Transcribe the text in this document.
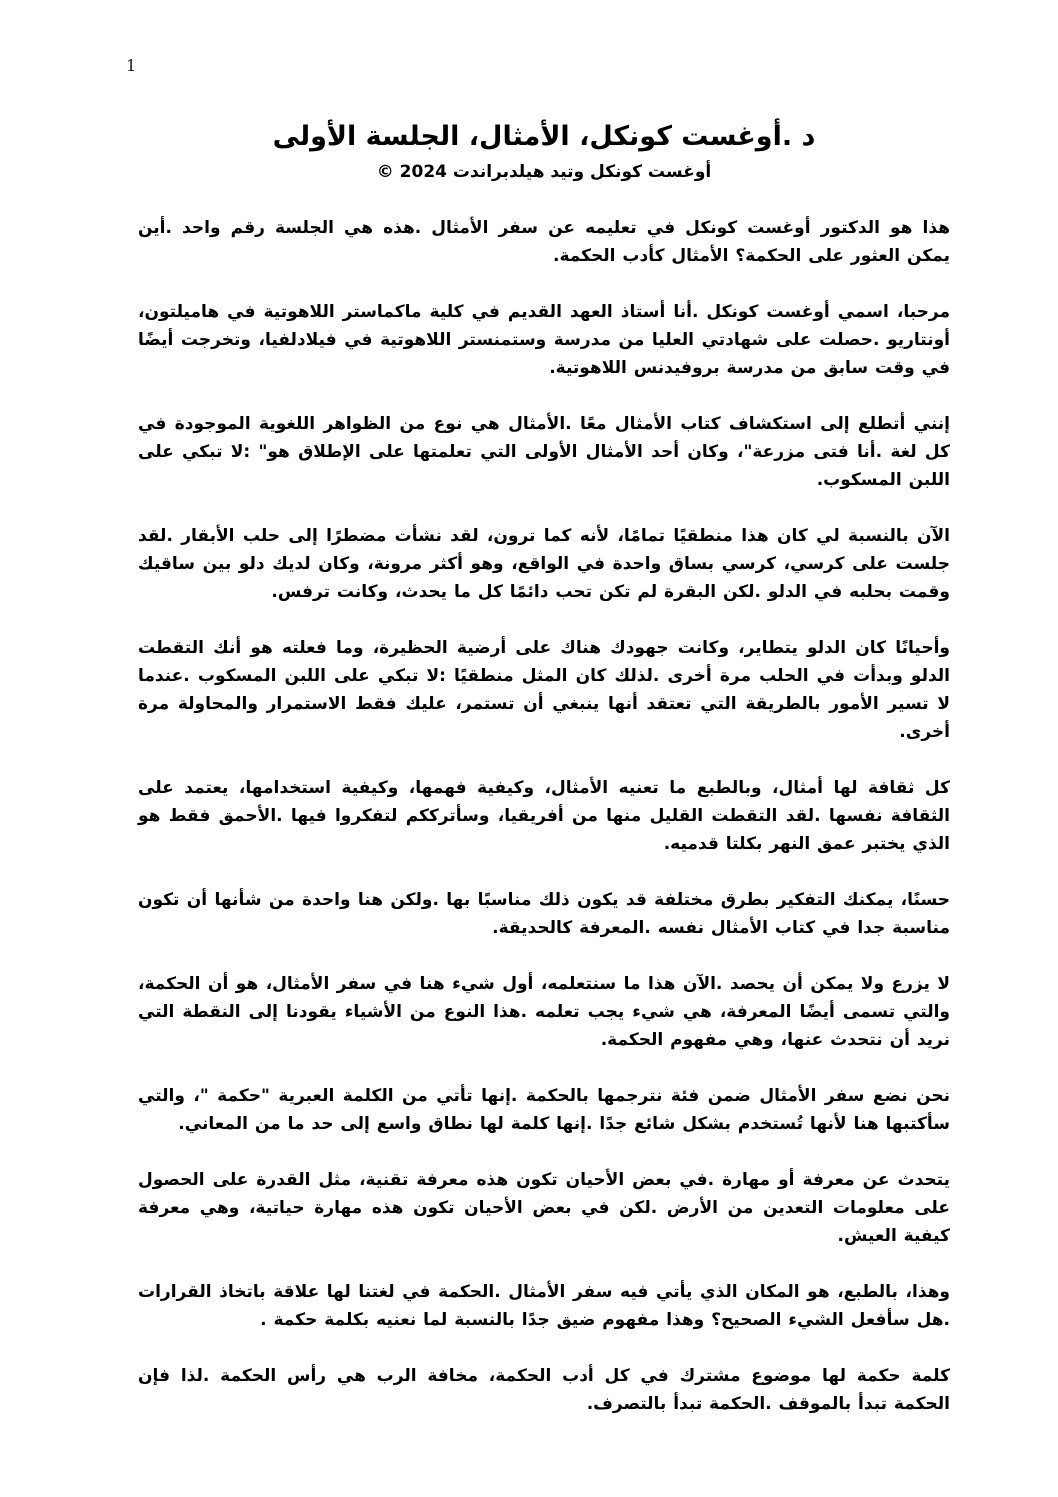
1
د .أوغست كونكل، الأمثال، الجلسة الأولى
أوغست كونكل وتيد هيلدبراندت 2024 ©

هذا هو الدكتور أوغست كونكل في تعليمه عن سفر الأمثال .هذه هي الجلسة رقم واحد .أين يمكن العثور على الحكمة؟ الأمثال كأدب الحكمة.

مرحبا، اسمي أوغست كونكل .أنا أستاذ العهد القديم في كلية ماكماستر اللاهوتية في هاميلتون، أونتاريو .حصلت على شهادتي العليا من مدرسة وستمنستر اللاهوتية في فيلادلفيا، وتخرجت أيضًا في وقت سابق من مدرسة بروفيدنس اللاهوتية.

إنني أتطلع إلى استكشاف كتاب الأمثال معًا .الأمثال هي نوع من الظواهر اللغوية الموجودة في كل لغة .أنا فتى مزرعة"، وكان أحد الأمثال الأولى التي تعلمتها على الإطلاق هو" :لا تبكي على اللبن المسكوب.

الآن بالنسبة لي كان هذا منطقيًا تمامًا، لأنه كما ترون، لقد نشأت مضطرًا إلى حلب الأبقار .لقد جلست على كرسي، كرسي بساق واحدة في الواقع، وهو أكثر مرونة، وكان لديك دلو بين ساقيك وقمت بحلبه في الدلو .لكن البقرة لم تكن تحب دائمًا كل ما يحدث، وكانت ترفس.

وأحيانًا كان الدلو يتطاير، وكانت جهودك هناك على أرضية الحظيرة، وما فعلته هو أنك التقطت الدلو وبدأت في الحلب مرة أخرى .لذلك كان المثل منطقيًا :لا تبكي على اللبن المسكوب .عندما لا تسير الأمور بالطريقة التي تعتقد أنها ينبغي أن تستمر، عليك فقط الاستمرار والمحاولة مرة أخرى.

كل ثقافة لها أمثال، وبالطبع ما تعنيه الأمثال، وكيفية فهمها، وكيفية استخدامها، يعتمد على الثقافة نفسها .لقد التقطت القليل منها من أفريقيا، وسأترككم لتفكروا فيها .الأحمق فقط هو الذي يختبر عمق النهر بكلتا قدميه.

حسنًا، يمكنك التفكير بطرق مختلفة قد يكون ذلك مناسبًا بها .ولكن هنا واحدة من شأنها أن تكون مناسبة جدا في كتاب الأمثال نفسه .المعرفة كالحديقة.

لا يزرع ولا يمكن أن يحصد .الآن هذا ما سنتعلمه، أول شيء هنا في سفر الأمثال، هو أن الحكمة، والتي تسمى أيضًا المعرفة، هي شيء يجب تعلمه .هذا النوع من الأشياء يقودنا إلى النقطة التي نريد أن نتحدث عنها، وهي مفهوم الحكمة.

نحن نضع سفر الأمثال ضمن فئة نترجمها بالحكمة .إنها تأتي من الكلمة العبرية "حكمة "، والتي سأكتبها هنا لأنها تُستخدم بشكل شائع جدًا .إنها كلمة لها نطاق واسع إلى حد ما من المعاني.

يتحدث عن معرفة أو مهارة .في بعض الأحيان تكون هذه معرفة تقنية، مثل القدرة على الحصول على معلومات التعدين من الأرض .لكن في بعض الأحيان تكون هذه مهارة حياتية، وهي معرفة كيفية العيش.

وهذا، بالطبع، هو المكان الذي يأتي فيه سفر الأمثال .الحكمة في لغتنا لها علاقة باتخاذ القرارات .هل سأفعل الشيء الصحيح؟ وهذا مفهوم ضيق جدًا بالنسبة لما نعنيه بكلمة حكمة .

كلمة حكمة لها موضوع مشترك في كل أدب الحكمة، مخافة الرب هي رأس الحكمة .لذا فإن الحكمة تبدأ بالموقف .الحكمة تبدأ بالتصرف.
